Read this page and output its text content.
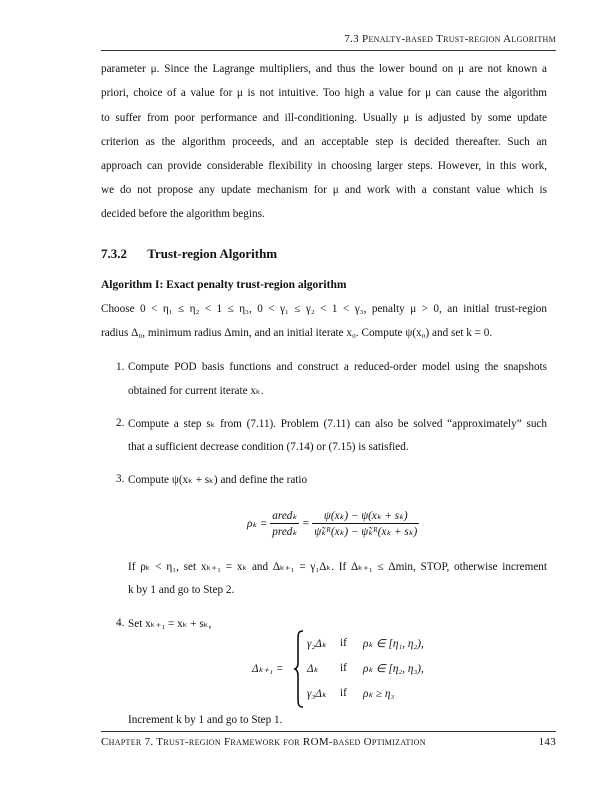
7.3 Penalty-based Trust-region Algorithm
parameter μ. Since the Lagrange multipliers, and thus the lower bound on μ are not known a
priori, choice of a value for μ is not intuitive. Too high a value for μ can cause the algorithm
to suffer from poor performance and ill-conditioning. Usually μ is adjusted by some update
criterion as the algorithm proceeds, and an acceptable step is decided thereafter. Such an
approach can provide considerable flexibility in choosing larger steps. However, in this work,
we do not propose any update mechanism for μ and work with a constant value which is
decided before the algorithm begins.
7.3.2 Trust-region Algorithm
Algorithm I: Exact penalty trust-region algorithm
Choose 0 < η₁ ≤ η₂ < 1 ≤ η₃, 0 < γ₁ ≤ γ₂ < 1 < γ₃, penalty μ > 0, an initial trust-region
radius Δ₀, minimum radius Δmin, and an initial iterate x₀. Compute ψ(x₀) and set k = 0.
1. Compute POD basis functions and construct a reduced-order model using the snapshots
obtained for current iterate xₖ.
2. Compute a step sₖ from (7.11). Problem (7.11) can also be solved “approximately” such
that a sufficient decrease condition (7.14) or (7.15) is satisfied.
3. Compute ψ(xₖ + sₖ) and define the ratio
$\rho_k = \frac{\text{aredₖ}}{\text{predₖ}} = \frac{\text{ψ(xₖ) − ψ(xₖ + sₖ)}}{\text{ψ̃ₖᴿ(xₖ) − ψ̃ₖᴿ(xₖ + sₖ)}}$
If ρₖ < η₁, set xₖ₊₁ = xₖ and Δₖ₊₁ = γ₁Δₖ. If Δₖ₊₁ ≤ Δmin, STOP, otherwise increment
k by 1 and go to Step 2.
4. Set xₖ₊₁ = xₖ + sₖ,
Δₖ₊₁ =
γ₂Δₖ if ρₖ ∈ [η₁, η₂),
Δₖ if ρₖ ∈ [η₂, η₃),
γ₃Δₖ if ρₖ ≥ η₃
Increment k by 1 and go to Step 1.
Chapter 7. Trust-region Framework for ROM-based Optimization	143
